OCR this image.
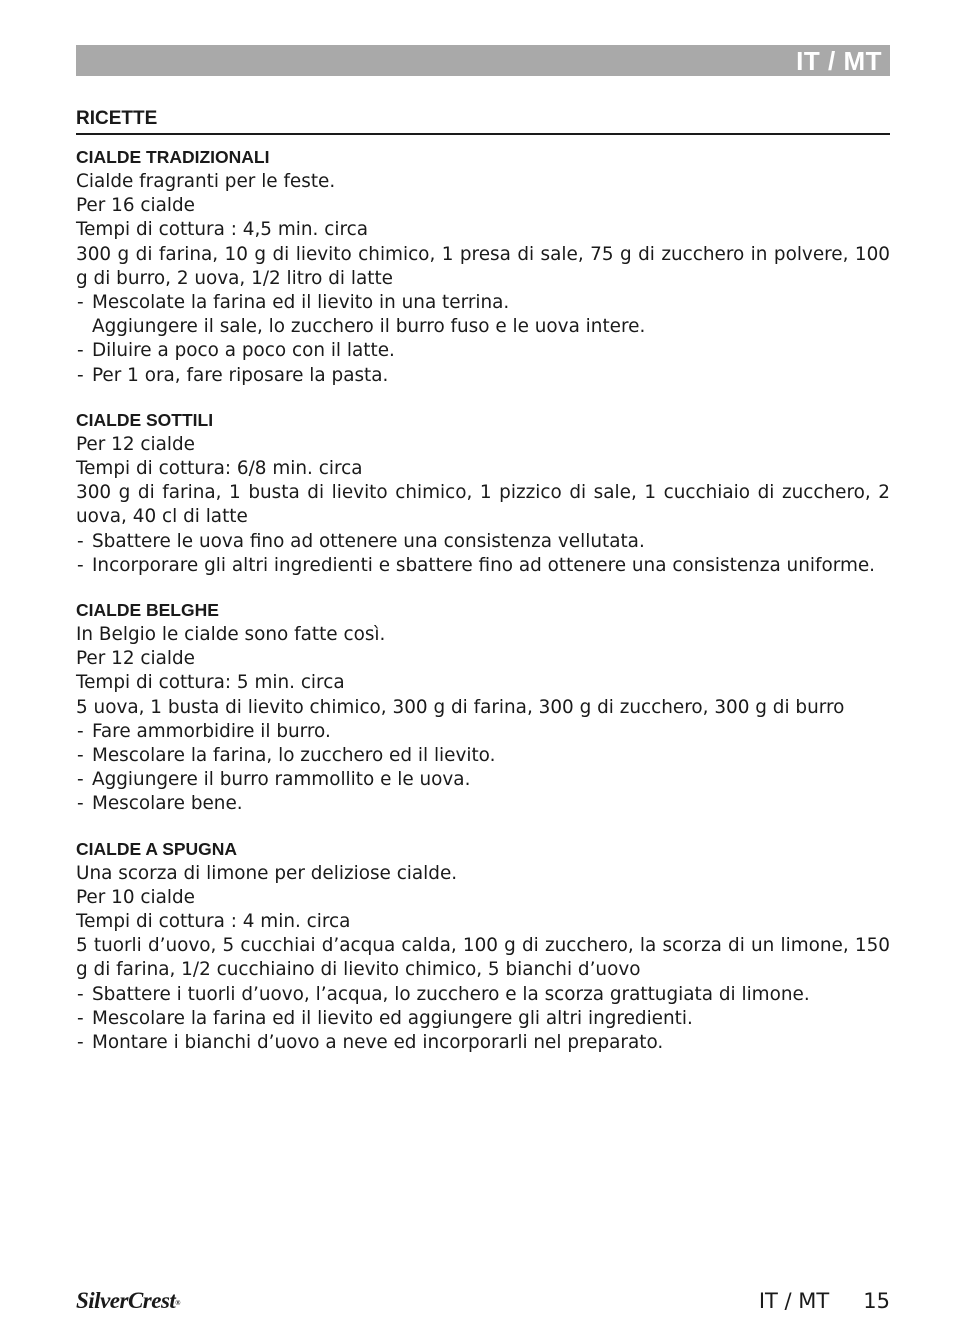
IT / MT
RICETTE
CIALDE TRADIZIONALI
Cialde fragranti per le feste.
Per 16 cialde
Tempi di cottura : 4,5 min. circa
300 g di farina, 10 g di lievito chimico, 1 presa di sale, 75 g di zucchero in polvere, 100 g di burro, 2 uova, 1/2 litro di latte
- Mescolate la farina ed il lievito in una terrina.
Aggiungere il sale, lo zucchero il burro fuso e le uova intere.
- Diluire a poco a poco con il latte.
- Per 1 ora, fare riposare la pasta.
CIALDE SOTTILI
Per 12 cialde
Tempi di cottura: 6/8 min. circa
300 g di farina, 1 busta di lievito chimico, 1 pizzico di sale, 1 cucchiaio di zucchero, 2 uova, 40 cl di latte
- Sbattere le uova fino ad ottenere una consistenza vellutata.
- Incorporare gli altri ingredienti e sbattere fino ad ottenere una consistenza uniforme.
CIALDE BELGHE
In Belgio le cialde sono fatte così.
Per 12 cialde
Tempi di cottura: 5 min. circa
5 uova, 1 busta di lievito chimico, 300 g di farina, 300 g di zucchero, 300 g di burro
- Fare ammorbidire il burro.
- Mescolare la farina, lo zucchero ed il lievito.
- Aggiungere il burro rammollito e le uova.
- Mescolare bene.
CIALDE A SPUGNA
Una scorza di limone per deliziose cialde.
Per 10 cialde
Tempi di cottura : 4 min. circa
5 tuorli d’uovo, 5 cucchiai d’acqua calda, 100 g di zucchero, la scorza di un limone, 150 g di farina, 1/2 cucchiaino di lievito chimico, 5 bianchi d’uovo
- Sbattere i tuorli d’uovo, l’acqua, lo zucchero e la scorza grattugiata di limone.
- Mescolare la farina ed il lievito ed aggiungere gli altri ingredienti.
- Montare i bianchi d’uovo a neve ed incorporarli nel preparato.
SilverCrest®	IT / MT 15
